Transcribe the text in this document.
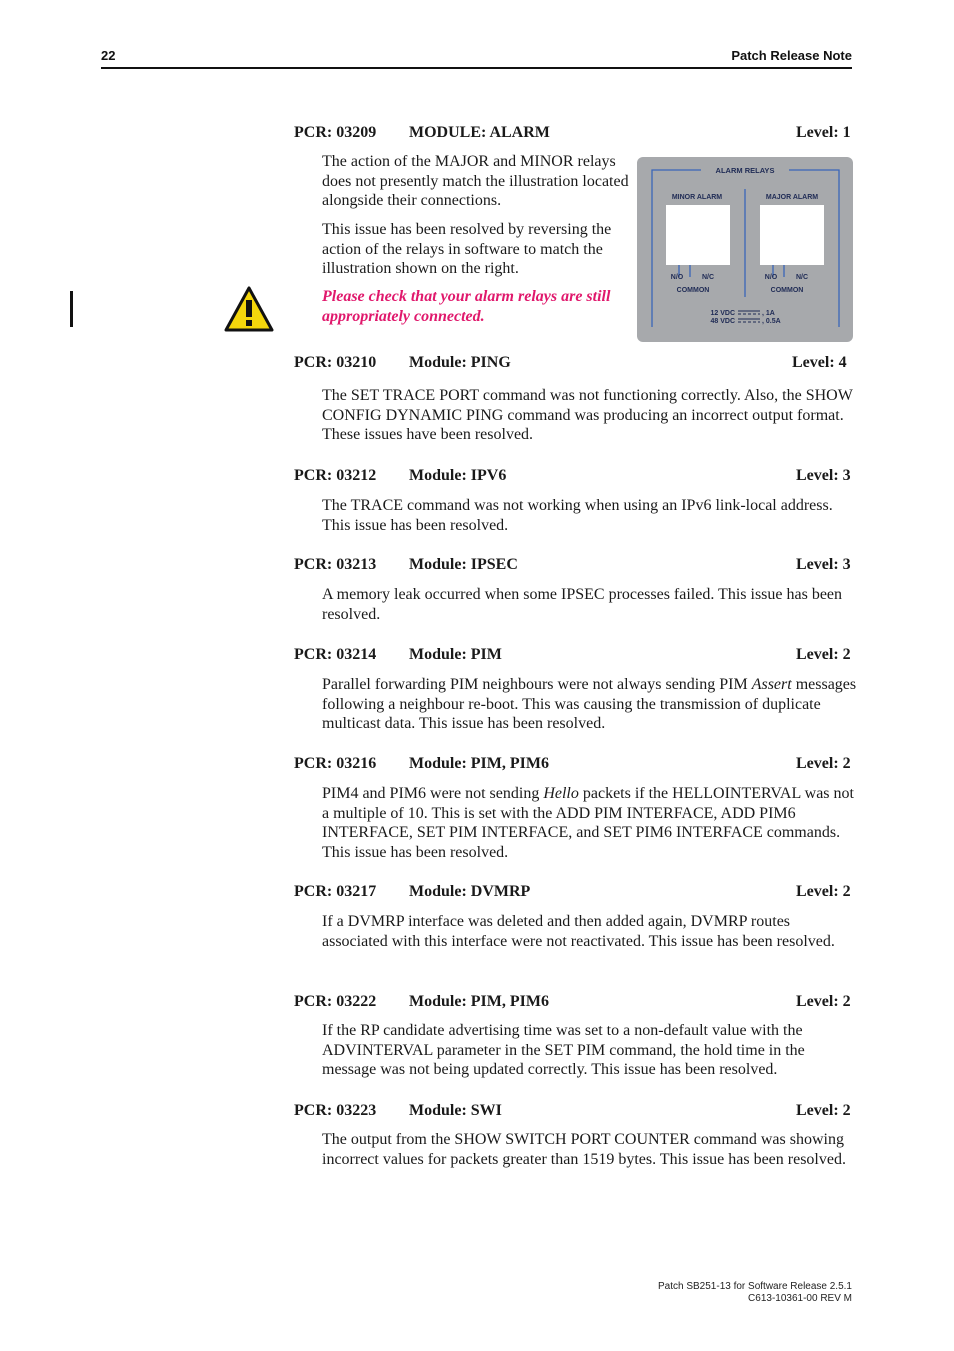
22	Patch Release Note
PCR: 03209 MODULE: ALARM	Level: 1

The action of the MAJOR and MINOR relays does not presently match the illustration located alongside their connections.

This issue has been resolved by reversing the action of the relays in software to match the illustration shown on the right.

Please check that your alarm relays are still appropriately connected.

ALARM RELAYS
MINOR ALARM	MAJOR ALARM
N/O	N/C	N/O	N/C
COMMON	COMMON
12 VDC
48 VDC
, 1A
, 0.5A
PCR: 03210 Module: PING	Level: 4

The SET TRACE PORT command was not functioning correctly. Also, the SHOW CONFIG DYNAMIC PING command was producing an incorrect output format. These issues have been resolved.

PCR: 03212 Module: IPV6	Level: 3

The TRACE command was not working when using an IPv6 link-local address. This issue has been resolved.

PCR: 03213 Module: IPSEC	Level: 3

A memory leak occurred when some IPSEC processes failed. This issue has been resolved.

PCR: 03214 Module: PIM	Level: 2

Parallel forwarding PIM neighbours were not always sending PIM Assert messages following a neighbour re-boot. This was causing the transmission of duplicate multicast data. This issue has been resolved.

PCR: 03216 Module: PIM, PIM6	Level: 2

PIM4 and PIM6 were not sending Hello packets if the HELLOINTERVAL was not a multiple of 10. This is set with the ADD PIM INTERFACE, ADD PIM6 INTERFACE, SET PIM INTERFACE, and SET PIM6 INTERFACE commands. This issue has been resolved.

PCR: 03217 Module: DVMRP	Level: 2

If a DVMRP interface was deleted and then added again, DVMRP routes associated with this interface were not reactivated. This issue has been resolved.

PCR: 03222 Module: PIM, PIM6	Level: 2

If the RP candidate advertising time was set to a non-default value with the ADVINTERVAL parameter in the SET PIM command, the hold time in the message was not being updated correctly. This issue has been resolved.

PCR: 03223 Module: SWI	Level: 2

The output from the SHOW SWITCH PORT COUNTER command was showing incorrect values for packets greater than 1519 bytes. This issue has been resolved.

Patch SB251-13 for Software Release 2.5.1
C613-10361-00 REV M
